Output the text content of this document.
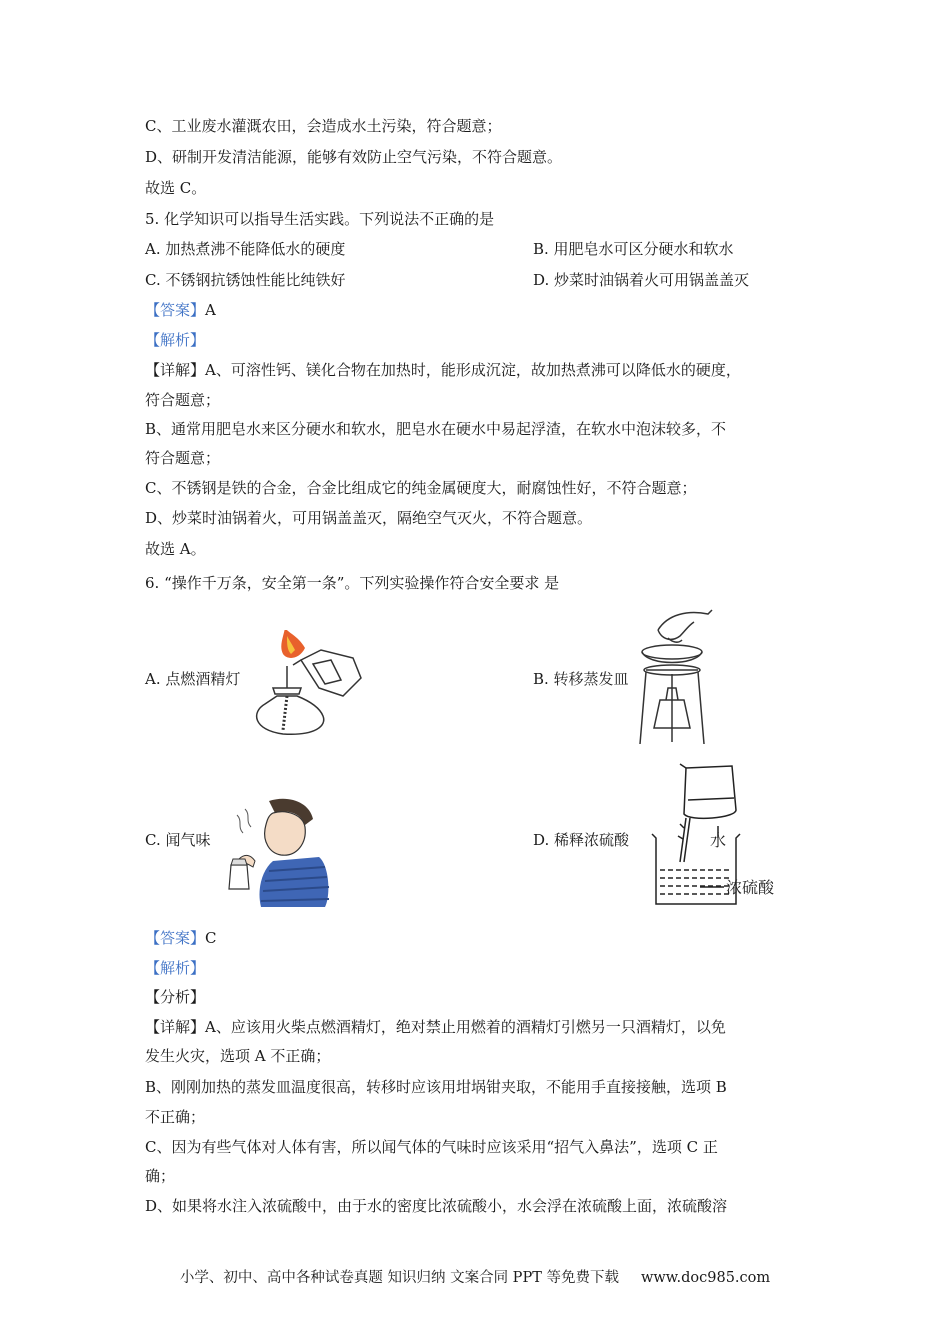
C、工业废水灌溉农田，会造成水土污染，符合题意；
D、研制开发清洁能源，能够有效防止空气污染，不符合题意。
故选 C。
5. 化学知识可以指导生活实践。下列说法不正确的是
A. 加热煮沸不能降低水的硬度	B. 用肥皂水可区分硬水和软水
C. 不锈钢抗锈蚀性能比纯铁好	D. 炒菜时油锅着火可用锅盖盖灭
【答案】A
【解析】
【详解】A、可溶性钙、镁化合物在加热时，能形成沉淀，故加热煮沸可以降低水的硬度，
符合题意；
B、通常用肥皂水来区分硬水和软水，肥皂水在硬水中易起浮渣，在软水中泡沫较多，不
符合题意；
C、不锈钢是铁的合金，合金比组成它的纯金属硬度大，耐腐蚀性好，不符合题意；
D、炒菜时油锅着火，可用锅盖盖灭，隔绝空气灭火，不符合题意。
故选 A。
6. “操作千万条，安全第一条”。下列实验操作符合安全要求 是
A. 点燃酒精灯	B. 转移蒸发皿
C. 闻气味	D. 稀释浓硫酸	水
浓硫酸
【答案】C
【解析】
【分析】
【详解】A、应该用火柴点燃酒精灯，绝对禁止用燃着的酒精灯引燃另一只酒精灯，以免
发生火灾，选项 A 不正确；
B、刚刚加热的蒸发皿温度很高，转移时应该用坩埚钳夹取，不能用手直接接触，选项 B
不正确；
C、因为有些气体对人体有害，所以闻气体的气味时应该采用“招气入鼻法”，选项 C 正
确；
D、如果将水注入浓硫酸中，由于水的密度比浓硫酸小，水会浮在浓硫酸上面，浓硫酸溶
小学、初中、高中各种试卷真题 知识归纳 文案合同 PPT 等免费下载 www.doc985.com
